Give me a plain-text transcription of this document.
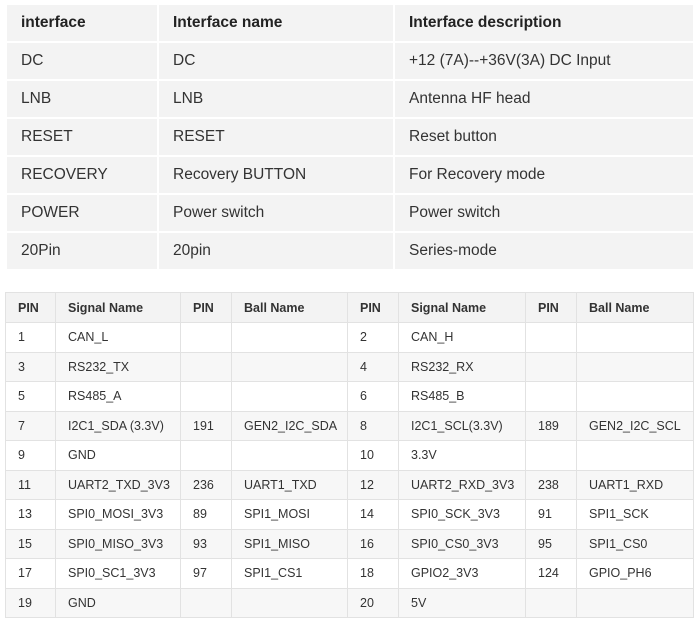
interface	Interface name	Interface description
DC	DC	+12 (7A)--+36V(3A) DC Input
LNB	LNB	Antenna HF head
RESET	RESET	Reset button
RECOVERY	Recovery BUTTON	For Recovery mode
POWER	Power switch	Power switch
20Pin	20pin	Series-mode
PIN	Signal Name	PIN	Ball Name	PIN	Signal Name	PIN	Ball Name
1	CAN_L			2	CAN_H		
3	RS232_TX			4	RS232_RX		
5	RS485_A			6	RS485_B		
7	I2C1_SDA (3.3V)	191	GEN2_I2C_SDA	8	I2C1_SCL(3.3V)	189	GEN2_I2C_SCL
9	GND			10	3.3V		
11	UART2_TXD_3V3	236	UART1_TXD	12	UART2_RXD_3V3	238	UART1_RXD
13	SPI0_MOSI_3V3	89	SPI1_MOSI	14	SPI0_SCK_3V3	91	SPI1_SCK
15	SPI0_MISO_3V3	93	SPI1_MISO	16	SPI0_CS0_3V3	95	SPI1_CS0
17	SPI0_SC1_3V3	97	SPI1_CS1	18	GPIO2_3V3	124	GPIO_PH6
19	GND			20	5V		
